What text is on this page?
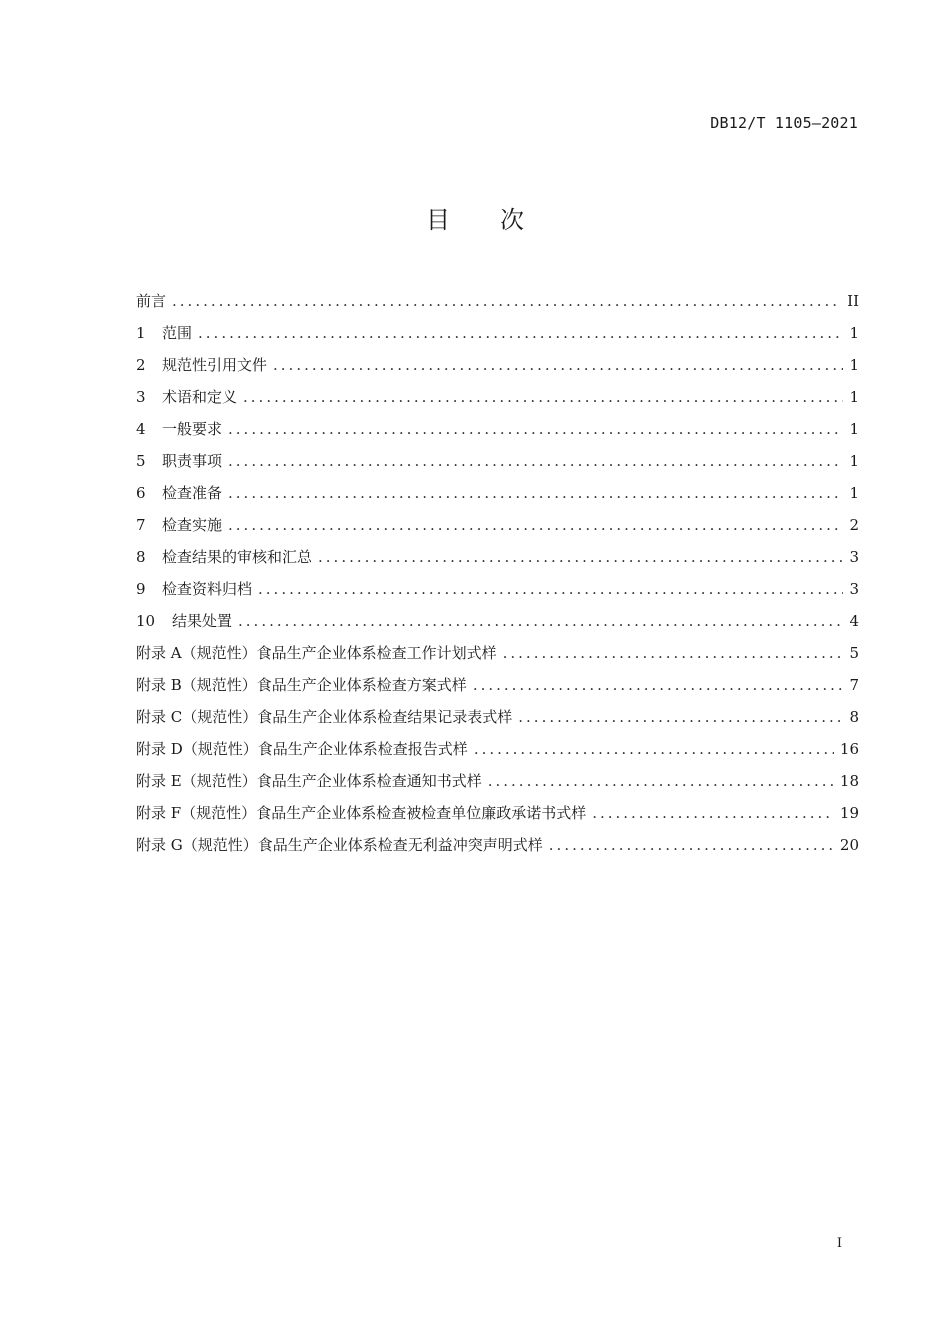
DB12/T 1105—2021
目次
前言 .....	II
1	范围 .....	1
2	规范性引用文件 .....	1
3	术语和定义 .....	1
4	一般要求 .....	1
5	职责事项 .....	1
6	检查准备 .....	1
7	检查实施 .....	2
8	检查结果的审核和汇总 .....	3
9	检查资料归档 .....	3
10	结果处置 .....	4
附录 A（规范性） 食品生产企业体系检查工作计划式样 .....	5
附录 B（规范性） 食品生产企业体系检查方案式样 .....	7
附录 C（规范性） 食品生产企业体系检查结果记录表式样 .....	8
附录 D（规范性） 食品生产企业体系检查报告式样 .....	16
附录 E（规范性） 食品生产企业体系检查通知书式样 .....	18
附录 F（规范性） 食品生产企业体系检查被检查单位廉政承诺书式样 .....	19
附录 G（规范性） 食品生产企业体系检查无利益冲突声明式样 .....	20
I
